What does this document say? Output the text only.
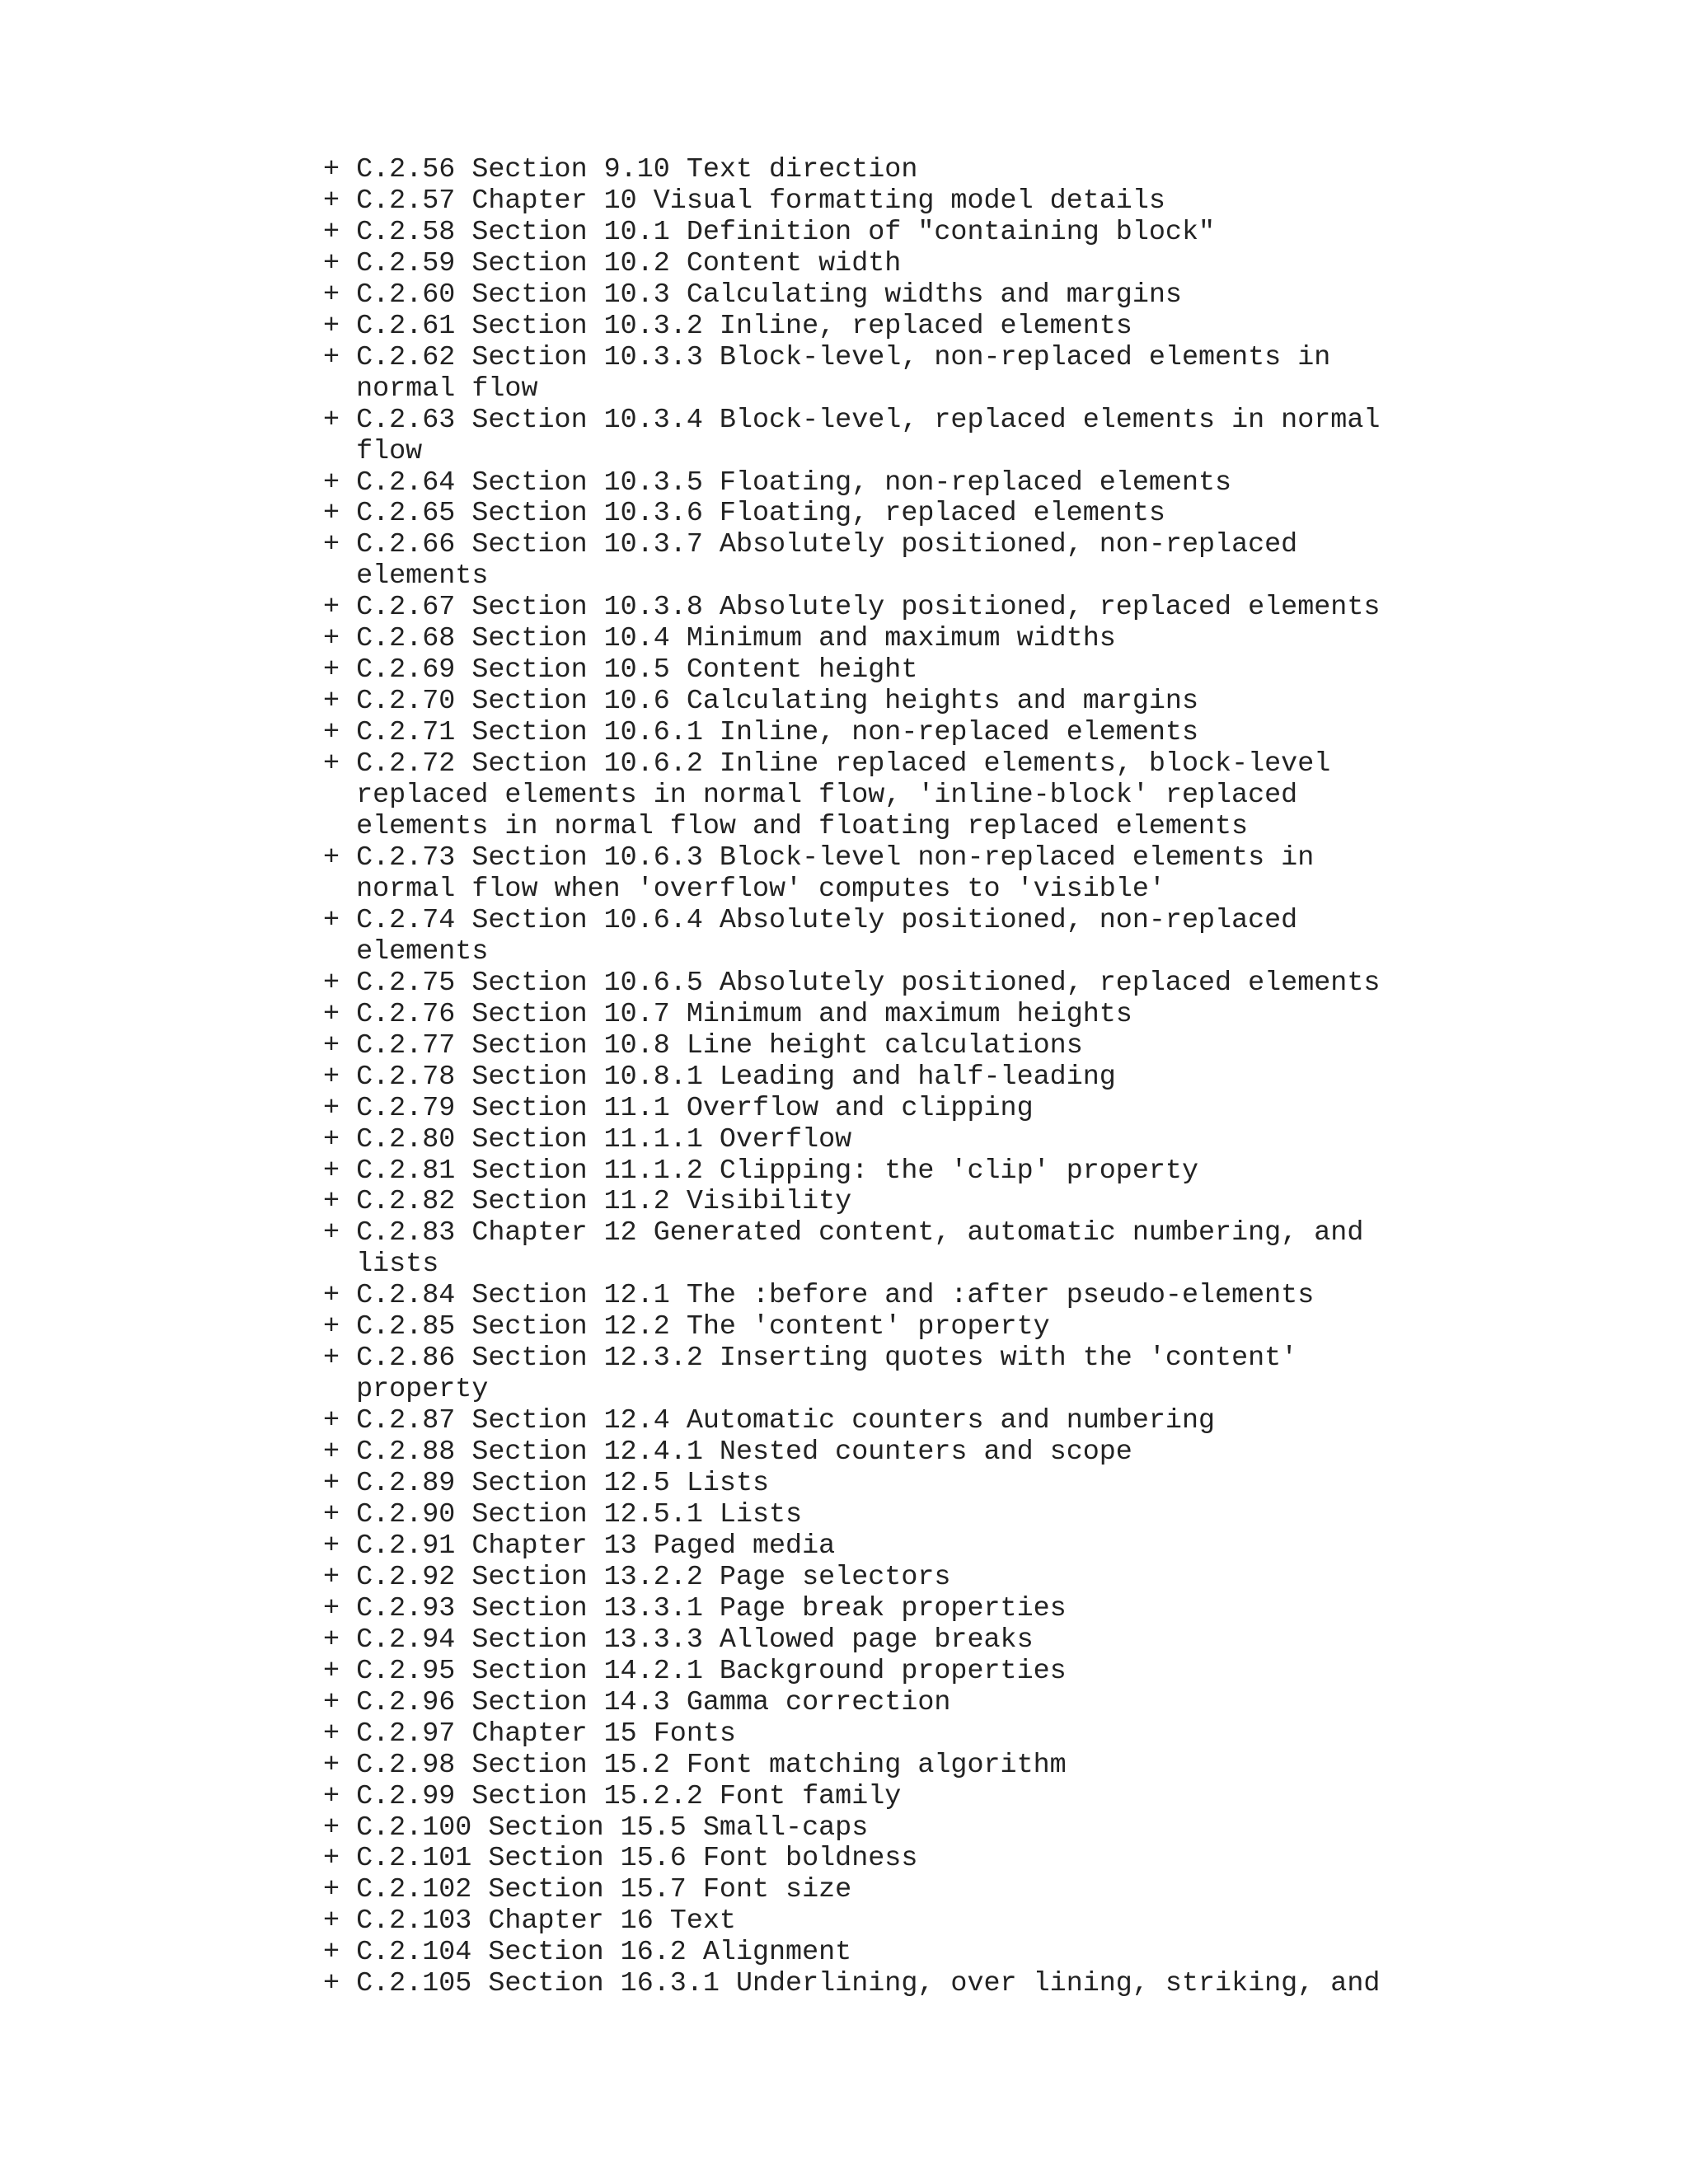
+ C.2.56 Section 9.10 Text direction
+ C.2.57 Chapter 10 Visual formatting model details
+ C.2.58 Section 10.1 Definition of "containing block"
+ C.2.59 Section 10.2 Content width
+ C.2.60 Section 10.3 Calculating widths and margins
+ C.2.61 Section 10.3.2 Inline, replaced elements
+ C.2.62 Section 10.3.3 Block-level, non-replaced elements in
normal flow
+ C.2.63 Section 10.3.4 Block-level, replaced elements in normal
flow
+ C.2.64 Section 10.3.5 Floating, non-replaced elements
+ C.2.65 Section 10.3.6 Floating, replaced elements
+ C.2.66 Section 10.3.7 Absolutely positioned, non-replaced
elements
+ C.2.67 Section 10.3.8 Absolutely positioned, replaced elements
+ C.2.68 Section 10.4 Minimum and maximum widths
+ C.2.69 Section 10.5 Content height
+ C.2.70 Section 10.6 Calculating heights and margins
+ C.2.71 Section 10.6.1 Inline, non-replaced elements
+ C.2.72 Section 10.6.2 Inline replaced elements, block-level
replaced elements in normal flow, 'inline-block' replaced
elements in normal flow and floating replaced elements
+ C.2.73 Section 10.6.3 Block-level non-replaced elements in
normal flow when 'overflow' computes to 'visible'
+ C.2.74 Section 10.6.4 Absolutely positioned, non-replaced
elements
+ C.2.75 Section 10.6.5 Absolutely positioned, replaced elements
+ C.2.76 Section 10.7 Minimum and maximum heights
+ C.2.77 Section 10.8 Line height calculations
+ C.2.78 Section 10.8.1 Leading and half-leading
+ C.2.79 Section 11.1 Overflow and clipping
+ C.2.80 Section 11.1.1 Overflow
+ C.2.81 Section 11.1.2 Clipping: the 'clip' property
+ C.2.82 Section 11.2 Visibility
+ C.2.83 Chapter 12 Generated content, automatic numbering, and
lists
+ C.2.84 Section 12.1 The :before and :after pseudo-elements
+ C.2.85 Section 12.2 The 'content' property
+ C.2.86 Section 12.3.2 Inserting quotes with the 'content'
property
+ C.2.87 Section 12.4 Automatic counters and numbering
+ C.2.88 Section 12.4.1 Nested counters and scope
+ C.2.89 Section 12.5 Lists
+ C.2.90 Section 12.5.1 Lists
+ C.2.91 Chapter 13 Paged media
+ C.2.92 Section 13.2.2 Page selectors
+ C.2.93 Section 13.3.1 Page break properties
+ C.2.94 Section 13.3.3 Allowed page breaks
+ C.2.95 Section 14.2.1 Background properties
+ C.2.96 Section 14.3 Gamma correction
+ C.2.97 Chapter 15 Fonts
+ C.2.98 Section 15.2 Font matching algorithm
+ C.2.99 Section 15.2.2 Font family
+ C.2.100 Section 15.5 Small-caps
+ C.2.101 Section 15.6 Font boldness
+ C.2.102 Section 15.7 Font size
+ C.2.103 Chapter 16 Text
+ C.2.104 Section 16.2 Alignment
+ C.2.105 Section 16.3.1 Underlining, over lining, striking, and
